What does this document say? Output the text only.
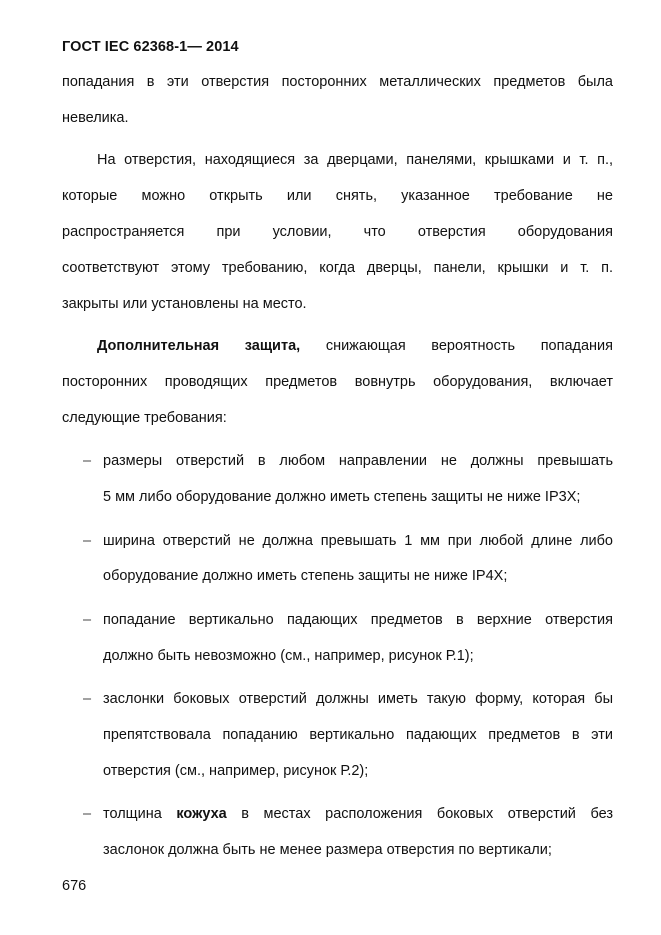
ГОСТ IEC 62368-1— 2014
попадания в эти отверстия посторонних металлических предметов была
невелика.
На отверстия, находящиеся за дверцами, панелями, крышками и т. п.,
которые можно открыть или снять, указанное требование не
распространяется при условии, что отверстия оборудования
соответствуют этому требованию, когда дверцы, панели, крышки и т. п.
закрыты или установлены на место.
Дополнительная защита, снижающая вероятность попадания
посторонних проводящих предметов вовнутрь оборудования, включает
следующие требования:
– размеры отверстий в любом направлении не должны превышать
5 мм либо оборудование должно иметь степень защиты не ниже IP3X;
– ширина отверстий не должна превышать 1 мм при любой длине либо
оборудование должно иметь степень защиты не ниже IP4X;
– попадание вертикально падающих предметов в верхние отверстия
должно быть невозможно (см., например, рисунок Р.1);
– заслонки боковых отверстий должны иметь такую форму, которая бы
препятствовала попаданию вертикально падающих предметов в эти
отверстия (см., например, рисунок Р.2);
– толщина кожуха в местах расположения боковых отверстий без
заслонок должна быть не менее размера отверстия по вертикали;
676
